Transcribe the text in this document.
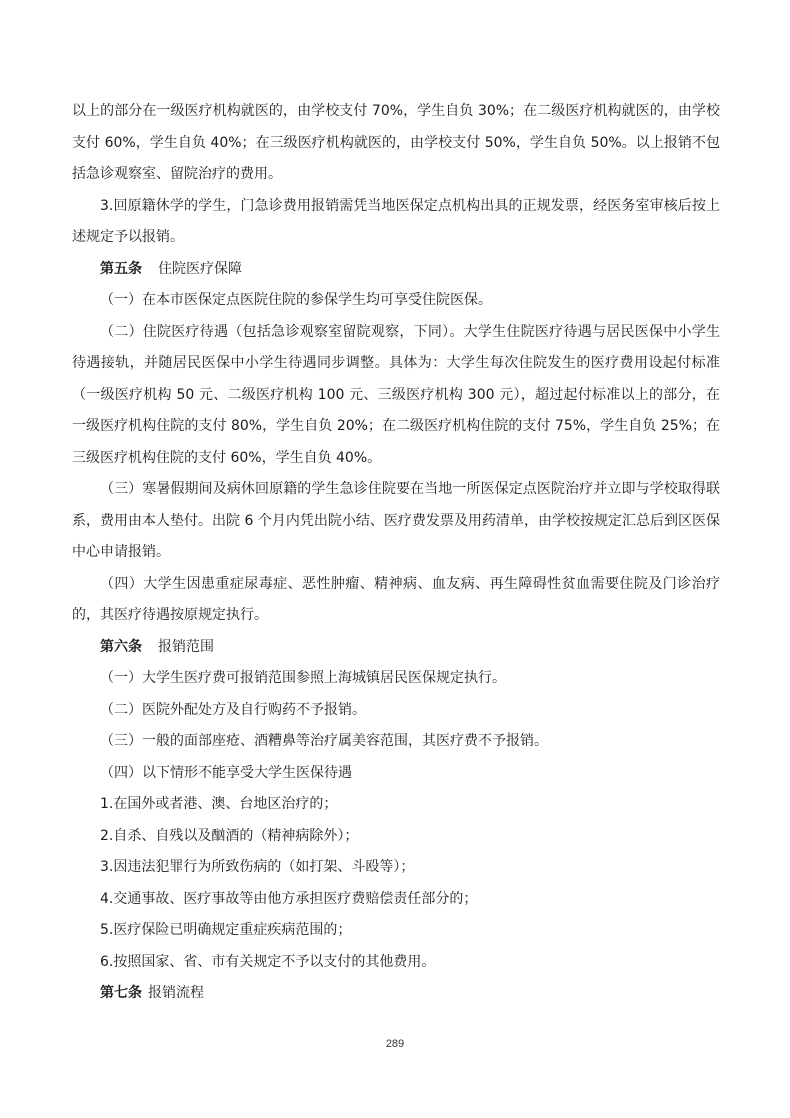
以上的部分在一级医疗机构就医的，由学校支付 70%，学生自负 30%；在二级医疗机构就医的，由学校支付 60%，学生自负 40%；在三级医疗机构就医的，由学校支付 50%，学生自负 50%。以上报销不包括急诊观察室、留院治疗的费用。

3.回原籍休学的学生，门急诊费用报销需凭当地医保定点机构出具的正规发票，经医务室审核后按上述规定予以报销。

第五条 住院医疗保障

（一）在本市医保定点医院住院的参保学生均可享受住院医保。

（二）住院医疗待遇（包括急诊观察室留院观察，下同）。大学生住院医疗待遇与居民医保中小学生待遇接轨，并随居民医保中小学生待遇同步调整。具体为：大学生每次住院发生的医疗费用设起付标准（一级医疗机构 50 元、二级医疗机构 100 元、三级医疗机构 300 元），超过起付标准以上的部分，在一级医疗机构住院的支付 80%，学生自负 20%；在二级医疗机构住院的支付 75%，学生自负 25%；在三级医疗机构住院的支付 60%，学生自负 40%。

（三）寒暑假期间及病休回原籍的学生急诊住院要在当地一所医保定点医院治疗并立即与学校取得联系，费用由本人垫付。出院 6 个月内凭出院小结、医疗费发票及用药清单，由学校按规定汇总后到区医保中心申请报销。

（四）大学生因患重症尿毒症、恶性肿瘤、精神病、血友病、再生障碍性贫血需要住院及门诊治疗的，其医疗待遇按原规定执行。

第六条 报销范围

（一）大学生医疗费可报销范围参照上海城镇居民医保规定执行。

（二）医院外配处方及自行购药不予报销。

（三）一般的面部座疮、酒糟鼻等治疗属美容范围，其医疗费不予报销。

（四）以下情形不能享受大学生医保待遇

1.在国外或者港、澳、台地区治疗的；

2.自杀、自残以及酗酒的（精神病除外）；

3.因违法犯罪行为所致伤病的（如打架、斗殴等）；

4.交通事故、医疗事故等由他方承担医疗费赔偿责任部分的；

5.医疗保险已明确规定重症疾病范围的；

6.按照国家、省、市有关规定不予以支付的其他费用。

第七条 报销流程

289
